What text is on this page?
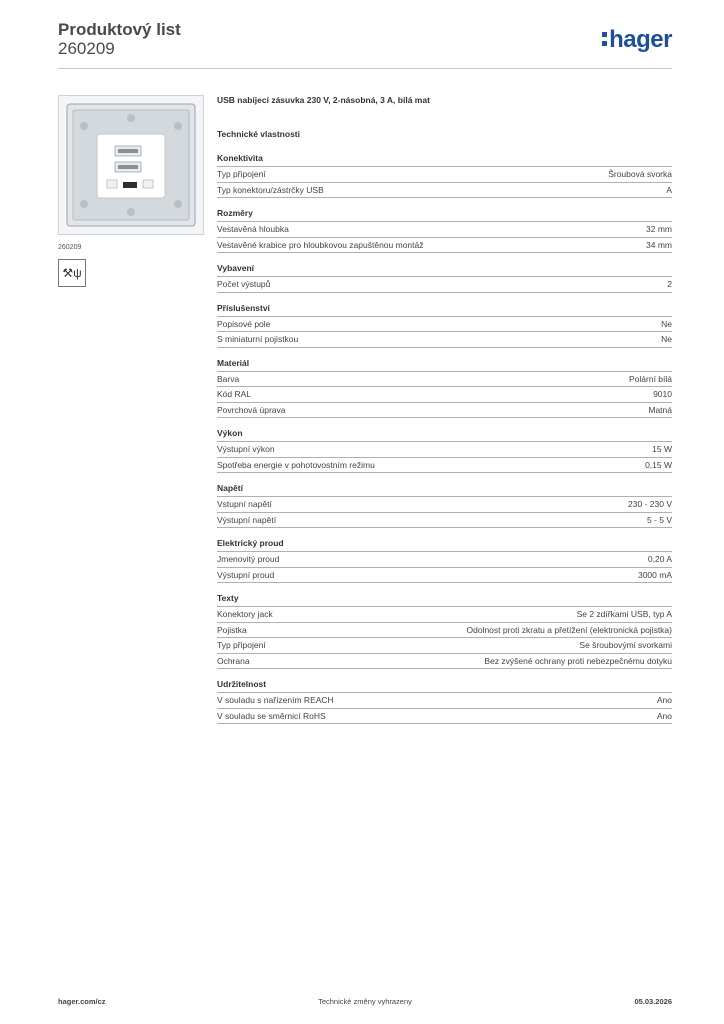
Produktový list
260209	hager
260209
⚒ψ
USB nabíjecí zásuvka 230 V, 2-násobná, 3 A, bílá mat
Technické vlastnosti
Konektivita
Typ připojení	Šroubová svorka
Typ konektoru/zástrčky USB	A
Rozměry
Vestavěná hloubka	32 mm
Vestavěné krabice pro hloubkovou zapuštěnou montáž	34 mm
Vybavení
Počet výstupů	2
Příslušenství
Popisové pole	Ne
S miniaturní pojistkou	Ne
Materiál
Barva	Polární bílá
Kód RAL	9010
Povrchová úprava	Matná
Výkon
Výstupní výkon	15 W
Spotřeba energie v pohotovostním režimu	0,15 W
Napětí
Vstupní napětí	230 - 230 V
Výstupní napětí	5 - 5 V
Elektrický proud
Jmenovitý proud	0,20 A
Výstupní proud	3000 mA
Texty
Konektory jack	Se 2 zdířkami USB, typ A
Pojistka	Odolnost proti zkratu a přetížení (elektronická pojistka)
Typ připojení	Se šroubovými svorkami
Ochrana	Bez zvýšené ochrany proti nebezpečnému dotyku
Udržitelnost
V souladu s nařízením REACH	Ano
V souladu se směrnicí RoHS	Ano
hager.com/cz	Technické změny vyhrazeny	05.03.2026
